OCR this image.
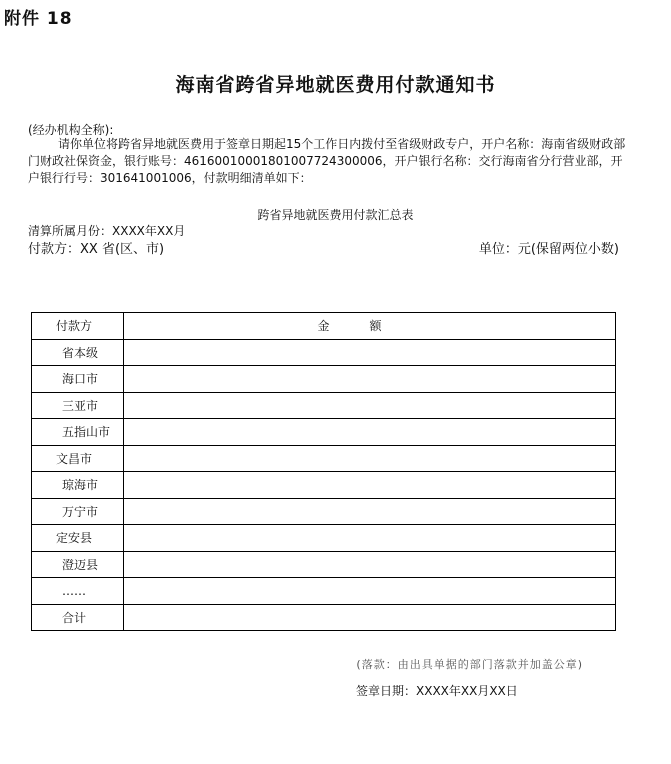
附件 18
海南省跨省异地就医费用付款通知书
(经办机构全称):
请你单位将跨省异地就医费用于签章日期起15个工作日内拨付至省级财政专户，开户名称：海南省级财政部门财政社保资金，银行账号：46160010001801007724300006，开户银行名称：交行海南省分行营业部，开户银行行号：301641001006，付款明细清单如下：
跨省异地就医费用付款汇总表
清算所属月份：XXXX年XX月
付款方：XX 省(区、市)	单位：元(保留两位小数)
付款方	金额
省本级	
海口市	
三亚市	
五指山市	
文昌市	
琼海市	
万宁市	
定安县	
澄迈县	
……	
合计	
(落款：由出具单据的部门落款并加盖公章)
签章日期：XXXX年XX月XX日
